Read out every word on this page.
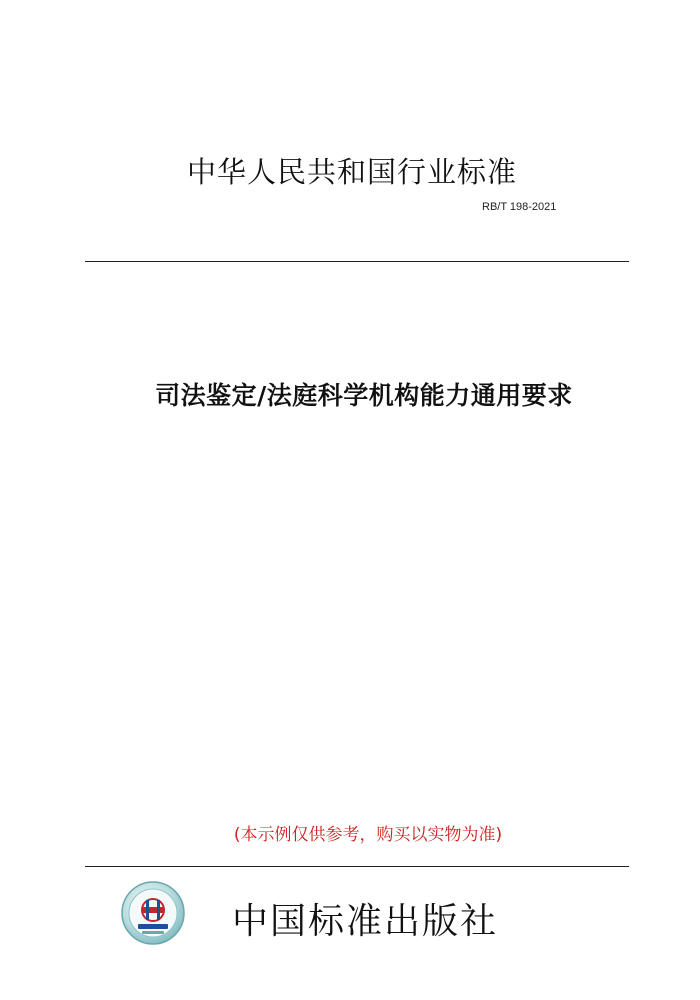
中华人民共和国行业标准
RB/T 198-2021
司法鉴定/法庭科学机构能力通用要求
(本示例仅供参考，购买以实物为准)
中国标准出版社
